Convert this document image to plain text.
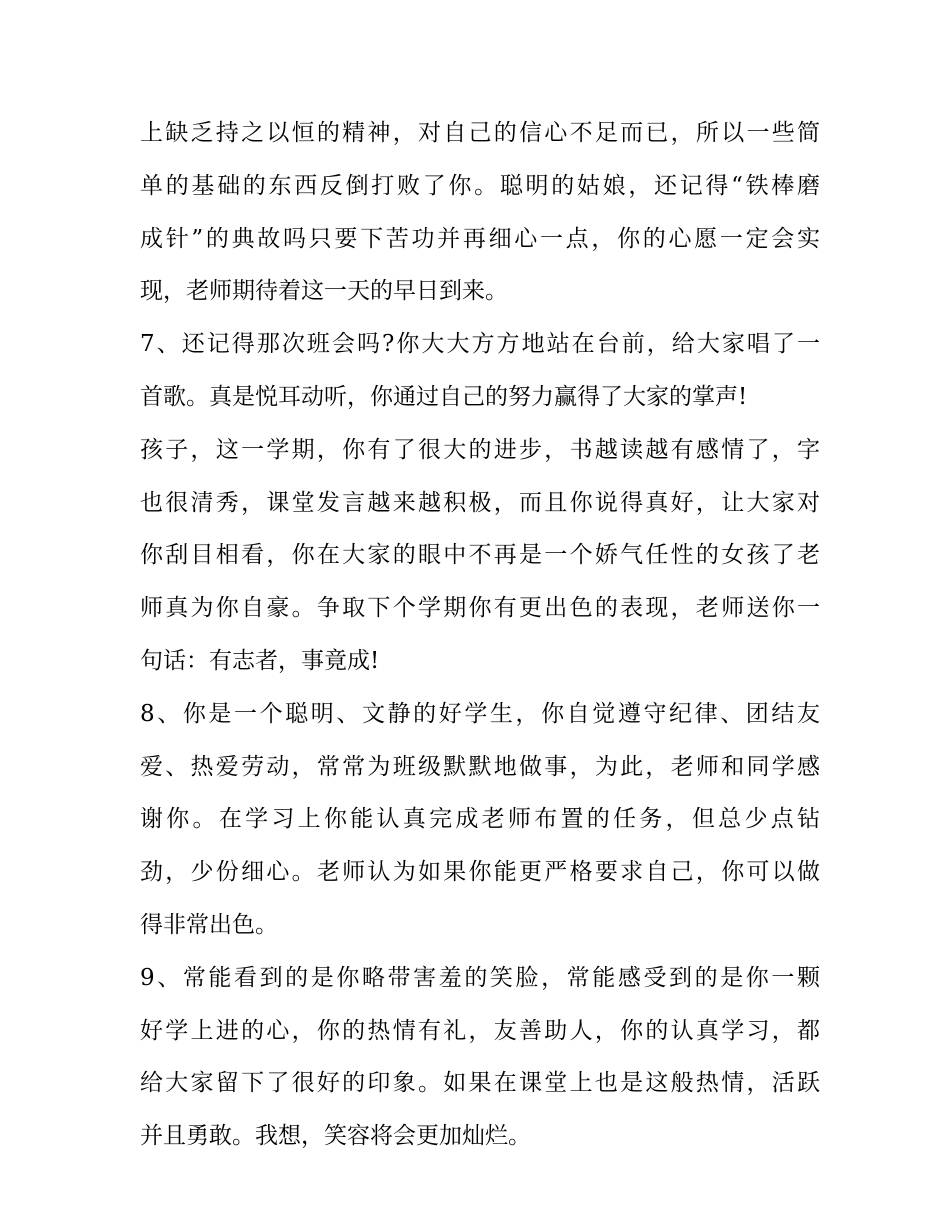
上缺乏持之以恒的精神，对自己的信心不足而已，所以一些简
单的基础的东西反倒打败了你。聪明的姑娘，还记得“铁棒磨
成针”的典故吗只要下苦功并再细心一点，你的心愿一定会实
现，老师期待着这一天的早日到来。
7、还记得那次班会吗?你大大方方地站在台前，给大家唱了一
首歌。真是悦耳动听，你通过自己的努力赢得了大家的掌声!
孩子，这一学期，你有了很大的进步，书越读越有感情了，字
也很清秀，课堂发言越来越积极，而且你说得真好，让大家对
你刮目相看，你在大家的眼中不再是一个娇气任性的女孩了老
师真为你自豪。争取下个学期你有更出色的表现，老师送你一
句话：有志者，事竟成!
8、你是一个聪明、文静的好学生，你自觉遵守纪律、团结友
爱、热爱劳动，常常为班级默默地做事，为此，老师和同学感
谢你。在学习上你能认真完成老师布置的任务，但总少点钻
劲，少份细心。老师认为如果你能更严格要求自己，你可以做
得非常出色。
9、常能看到的是你略带害羞的笑脸，常能感受到的是你一颗
好学上进的心，你的热情有礼，友善助人，你的认真学习，都
给大家留下了很好的印象。如果在课堂上也是这般热情，活跃
并且勇敢。我想，笑容将会更加灿烂。
